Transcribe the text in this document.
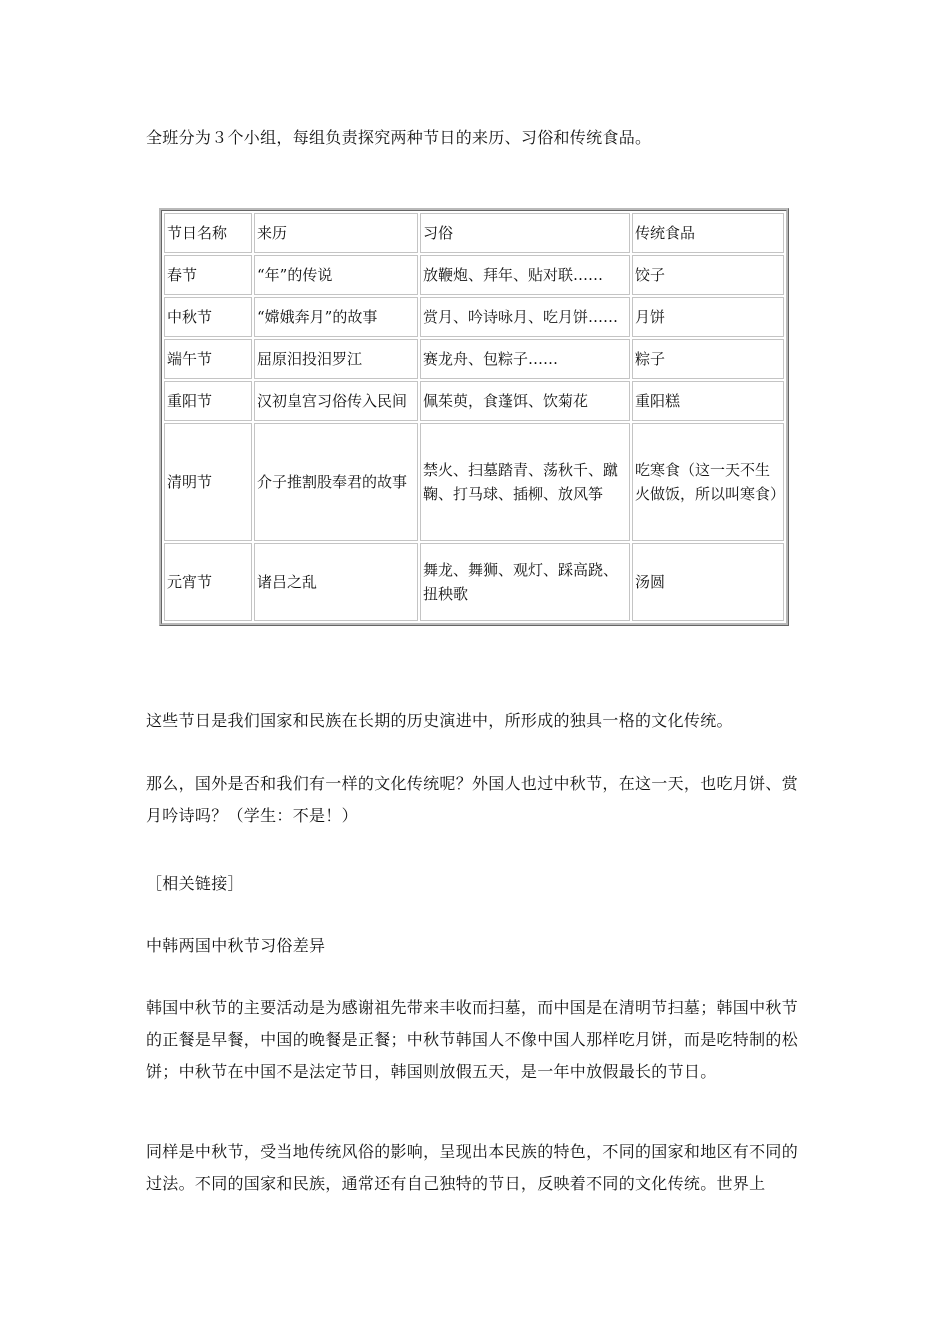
全班分为３个小组，每组负责探究两种节日的来历、习俗和传统食品。

节日名称	来历	习俗	传统食品
春节	“年”的传说	放鞭炮、拜年、贴对联……	饺子
中秋节	“嫦娥奔月”的故事	赏月、吟诗咏月、吃月饼……	月饼
端午节	屈原汨投汨罗江	赛龙舟、包粽子……	粽子
重阳节	汉初皇宫习俗传入民间	佩茱萸，食蓬饵、饮菊花	重阳糕
清明节	介子推割股奉君的故事	禁火、扫墓踏青、荡秋千、蹴鞠、打马球、插柳、放风筝	吃寒食（这一天不生火做饭，所以叫寒食）
元宵节	诸吕之乱	舞龙、舞狮、观灯、踩高跷、扭秧歌	汤圆

这些节日是我们国家和民族在长期的历史演进中，所形成的独具一格的文化传统。

那么，国外是否和我们有一样的文化传统呢？外国人也过中秋节，在这一天，也吃月饼、赏月吟诗吗？（学生：不是！）

［相关链接］

中韩两国中秋节习俗差异

韩国中秋节的主要活动是为感谢祖先带来丰收而扫墓，而中国是在清明节扫墓；韩国中秋节的正餐是早餐，中国的晚餐是正餐；中秋节韩国人不像中国人那样吃月饼，而是吃特制的松饼；中秋节在中国不是法定节日，韩国则放假五天，是一年中放假最长的节日。

同样是中秋节，受当地传统风俗的影响，呈现出本民族的特色，不同的国家和地区有不同的过法。不同的国家和民族，通常还有自己独特的节日，反映着不同的文化传统。世界上
